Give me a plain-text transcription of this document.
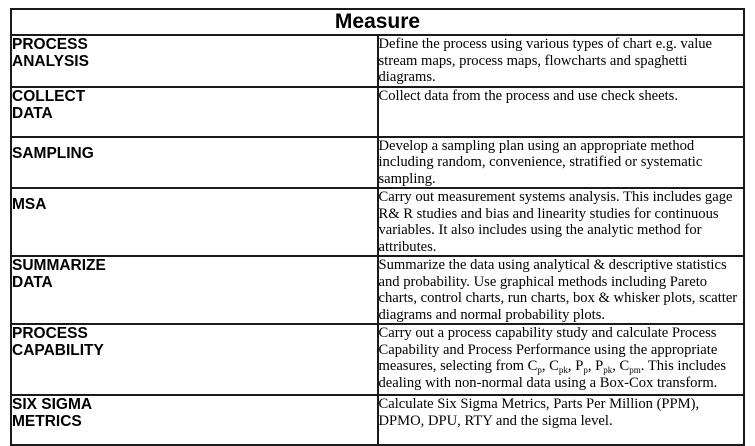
Measure	
PROCESS
ANALYSIS	Define the process using various types of chart e.g. value stream maps, process maps, flowcharts and spaghetti diagrams.
COLLECT
DATA	Collect data from the process and use check sheets.
SAMPLING	Develop a sampling plan using an appropriate method including random, convenience, stratified or systematic sampling.
MSA	Carry out measurement systems analysis. This includes gage R& R studies and bias and linearity studies for continuous variables. It also includes using the analytic method for attributes.
SUMMARIZE
DATA	Summarize the data using analytical & descriptive statistics and probability. Use graphical methods including Pareto charts, control charts, run charts, box & whisker plots, scatter diagrams and normal probability plots.
PROCESS
CAPABILITY	Carry out a process capability study and calculate Process Capability and Process Performance using the appropriate measures, selecting from $C_p$, $C_{pk}$, $P_p$, $P_{pk}$, $C_{pm}$. This includes dealing with non-normal data using a Box-Cox transform.
SIX SIGMA
METRICS	Calculate Six Sigma Metrics, Parts Per Million (PPM), DPMO, DPU, RTY and the sigma level.
